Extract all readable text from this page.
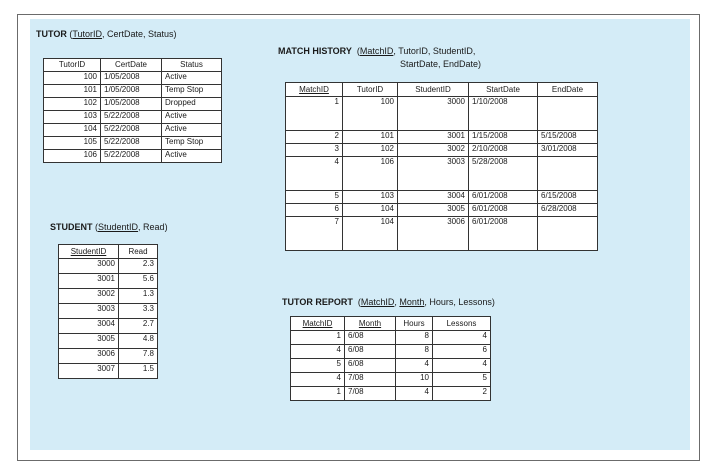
TUTOR (TutorID, CertDate, Status)
TutorID	CertDate	Status
100	1/05/2008	Active
101	1/05/2008	Temp Stop
102	1/05/2008	Dropped
103	5/22/2008	Active
104	5/22/2008	Active
105	5/22/2008	Temp Stop
106	5/22/2008	Active
STUDENT (StudentID, Read)
StudentID	Read
3000	2.3
3001	5.6
3002	1.3
3003	3.3
3004	2.7
3005	4.8
3006	7.8
3007	1.5
MATCH HISTORY (MatchID, TutorID, StudentID,
StartDate, EndDate)
MatchID	TutorID	StudentID	StartDate	EndDate
1	100	3000	1/10/2008	
2	101	3001	1/15/2008	5/15/2008
3	102	3002	2/10/2008	3/01/2008
4	106	3003	5/28/2008	
5	103	3004	6/01/2008	6/15/2008
6	104	3005	6/01/2008	6/28/2008
7	104	3006	6/01/2008	
TUTOR REPORT (MatchID, Month, Hours, Lessons)
MatchID	Month	Hours	Lessons
1	6/08	8	4
4	6/08	8	6
5	6/08	4	4
4	7/08	10	5
1	7/08	4	2
